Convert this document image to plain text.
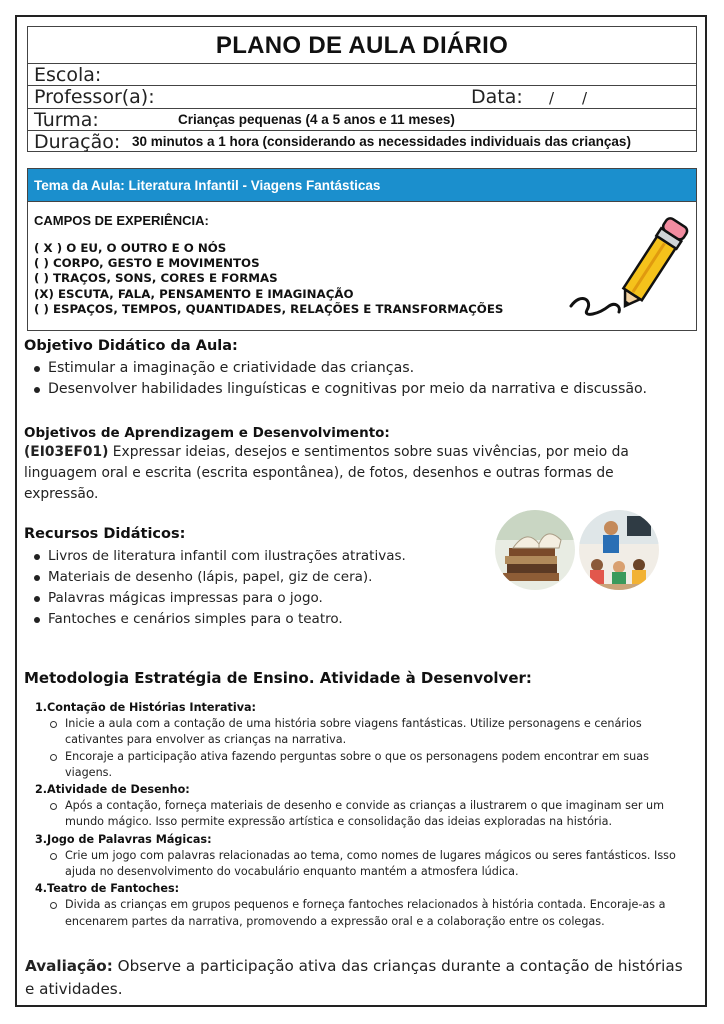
PLANO DE AULA DIÁRIO
Escola:
Professor(a):	Data: / /
Turma:	Crianças pequenas (4 a 5 anos e 11 meses)
Duração: 30 minutos a 1 hora (considerando as necessidades individuais das crianças)
Tema da Aula: Literatura Infantil - Viagens Fantásticas
CAMPOS DE EXPERIÊNCIA:
( X ) O EU, O OUTRO E O NÓS
( ) CORPO, GESTO E MOVIMENTOS
( ) TRAÇOS, SONS, CORES E FORMAS
(X) ESCUTA, FALA, PENSAMENTO E IMAGINAÇÃO
( ) ESPAÇOS, TEMPOS, QUANTIDADES, RELAÇÕES E TRANSFORMAÇÕES
Objetivo Didático da Aula:
Estimular a imaginação e criatividade das crianças.
Desenvolver habilidades linguísticas e cognitivas por meio da narrativa e discussão.
Objetivos de Aprendizagem e Desenvolvimento:
(EI03EF01) Expressar ideias, desejos e sentimentos sobre suas vivências, por meio da linguagem oral e escrita (escrita espontânea), de fotos, desenhos e outras formas de expressão.
Recursos Didáticos:
Livros de literatura infantil com ilustrações atrativas.
Materiais de desenho (lápis, papel, giz de cera).
Palavras mágicas impressas para o jogo.
Fantoches e cenários simples para o teatro.
Metodologia Estratégia de Ensino. Atividade à Desenvolver:

1.Contação de Histórias Interativa:

Inicie a aula com a contação de uma história sobre viagens fantásticas. Utilize personagens e cenários cativantes para envolver as crianças na narrativa.
Encoraje a participação ativa fazendo perguntas sobre o que os personagens podem encontrar em suas viagens.

2.Atividade de Desenho:

Após a contação, forneça materiais de desenho e convide as crianças a ilustrarem o que imaginam ser um mundo mágico. Isso permite expressão artística e consolidação das ideias exploradas na história.

3.Jogo de Palavras Mágicas:

Crie um jogo com palavras relacionadas ao tema, como nomes de lugares mágicos ou seres fantásticos. Isso ajuda no desenvolvimento do vocabulário enquanto mantém a atmosfera lúdica.

4.Teatro de Fantoches:

Divida as crianças em grupos pequenos e forneça fantoches relacionados à história contada. Encoraje-as a encenarem partes da narrativa, promovendo a expressão oral e a colaboração entre os colegas.
Avaliação: Observe a participação ativa das crianças durante a contação de histórias e atividades.
